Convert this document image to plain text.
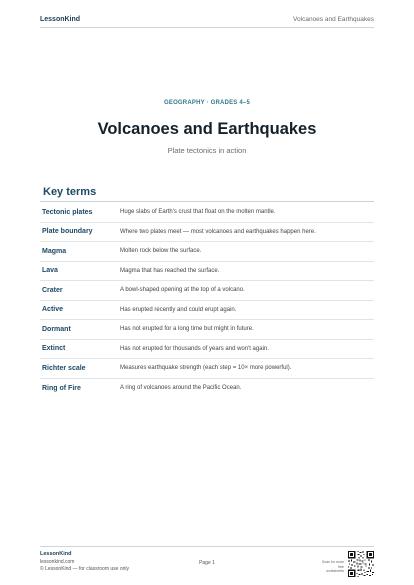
LessonKind	Volcanoes and Earthquakes
GEOGRAPHY · GRADES 4–5
Volcanoes and Earthquakes
Plate tectonics in action
Key terms
Tectonic plates	Huge slabs of Earth's crust that float on the molten mantle.
Plate boundary	Where two plates meet — most volcanoes and earthquakes happen here.
Magma	Molten rock below the surface.
Lava	Magma that has reached the surface.
Crater	A bowl-shaped opening at the top of a volcano.
Active	Has erupted recently and could erupt again.
Dormant	Has not erupted for a long time but might in future.
Extinct	Has not erupted for thousands of years and won't again.
Richter scale	Measures earthquake strength (each step = 10× more powerful).
Ring of Fire	A ring of volcanoes around the Pacific Ocean.
LessonKind
lessonkind.com
© LessonKind — for classroom use only
Page 1	Scan for more free worksheets
